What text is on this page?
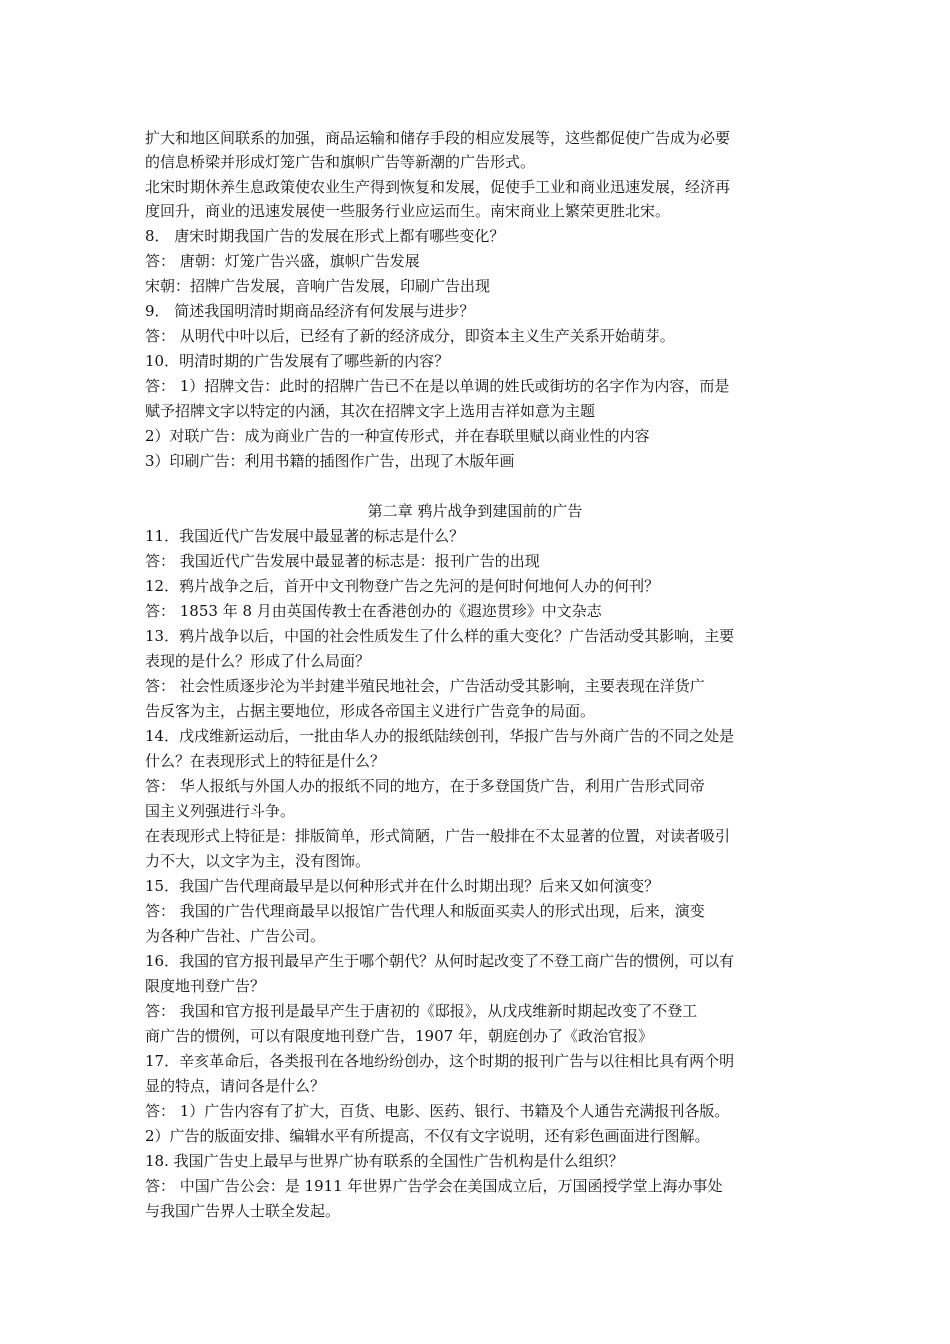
扩大和地区间联系的加强，商品运输和储存手段的相应发展等，这些都促使广告成为必要
的信息桥梁并形成灯笼广告和旗帜广告等新潮的广告形式。
北宋时期休养生息政策使农业生产得到恢复和发展，促使手工业和商业迅速发展，经济再
度回升，商业的迅速发展使一些服务行业应运而生。南宋商业上繁荣更胜北宋。
8． 唐宋时期我国广告的发展在形式上都有哪些变化？
答： 唐朝：灯笼广告兴盛，旗帜广告发展
宋朝：招牌广告发展，音响广告发展，印刷广告出现
9． 简述我国明清时期商品经济有何发展与进步？
答： 从明代中叶以后，已经有了新的经济成分，即资本主义生产关系开始萌芽。
10．明清时期的广告发展有了哪些新的内容？
答： 1）招牌文告：此时的招牌广告已不在是以单调的姓氏或街坊的名字作为内容，而是
赋予招牌文字以特定的内涵，其次在招牌文字上选用吉祥如意为主题
2）对联广告：成为商业广告的一种宣传形式，并在春联里赋以商业性的内容
3）印刷广告：利用书籍的插图作广告，出现了木版年画
第二章 鸦片战争到建国前的广告
11．我国近代广告发展中最显著的标志是什么？
答： 我国近代广告发展中最显著的标志是：报刊广告的出现
12．鸦片战争之后，首开中文刊物登广告之先河的是何时何地何人办的何刊？
答： 1853 年 8 月由英国传教士在香港创办的《遐迩贯珍》中文杂志
13．鸦片战争以后，中国的社会性质发生了什么样的重大变化？广告活动受其影响，主要
表现的是什么？形成了什么局面？
答： 社会性质逐步沦为半封建半殖民地社会，广告活动受其影响，主要表现在洋货广
告反客为主，占据主要地位，形成各帝国主义进行广告竞争的局面。
14．戊戌维新运动后，一批由华人办的报纸陆续创刊，华报广告与外商广告的不同之处是
什么？在表现形式上的特征是什么？
答： 华人报纸与外国人办的报纸不同的地方，在于多登国货广告，利用广告形式同帝
国主义列强进行斗争。
在表现形式上特征是：排版简单，形式简陋，广告一般排在不太显著的位置，对读者吸引
力不大，以文字为主，没有图饰。
15．我国广告代理商最早是以何种形式并在什么时期出现？后来又如何演变？
答： 我国的广告代理商最早以报馆广告代理人和版面买卖人的形式出现，后来，演变
为各种广告社、广告公司。
16．我国的官方报刊最早产生于哪个朝代？从何时起改变了不登工商广告的惯例，可以有
限度地刊登广告？
答： 我国和官方报刊是最早产生于唐初的《邸报》，从戊戌维新时期起改变了不登工
商广告的惯例，可以有限度地刊登广告，1907 年，朝庭创办了《政治官报》
17．辛亥革命后，各类报刊在各地纷纷创办，这个时期的报刊广告与以往相比具有两个明
显的特点，请问各是什么？
答： 1）广告内容有了扩大，百货、电影、医药、银行、书籍及个人通告充满报刊各版。
2）广告的版面安排、编辑水平有所提高，不仅有文字说明，还有彩色画面进行图解。
18. 我国广告史上最早与世界广协有联系的全国性广告机构是什么组织？
答： 中国广告公会：是 1911 年世界广告学会在美国成立后，万国函授学堂上海办事处
与我国广告界人士联全发起。
